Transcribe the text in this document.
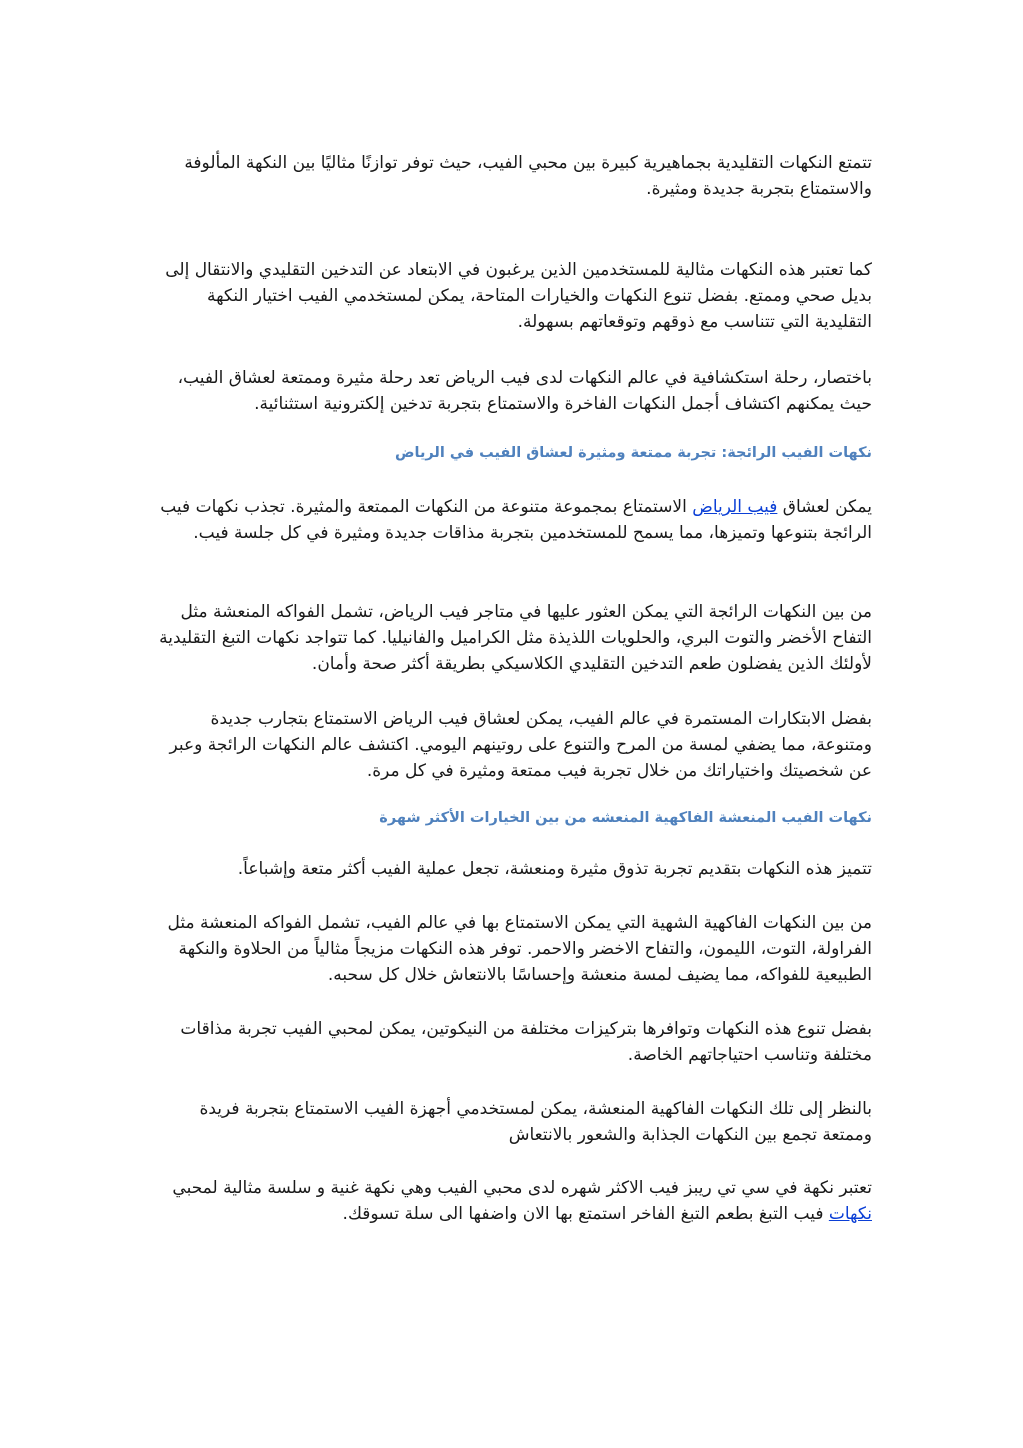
تتمتع النكهات التقليدية بجماهيرية كبيرة بين محبي الفيب، حيث توفر توازنًا مثاليًا بين النكهة المألوفة والاستمتاع بتجربة جديدة ومثيرة.

كما تعتبر هذه النكهات مثالية للمستخدمين الذين يرغبون في الابتعاد عن التدخين التقليدي والانتقال إلى بديل صحي وممتع. بفضل تنوع النكهات والخيارات المتاحة، يمكن لمستخدمي الفيب اختيار النكهة التقليدية التي تتناسب مع ذوقهم وتوقعاتهم بسهولة.

باختصار، رحلة استكشافية في عالم النكهات لدى فيب الرياض تعد رحلة مثيرة وممتعة لعشاق الفيب، حيث يمكنهم اكتشاف أجمل النكهات الفاخرة والاستمتاع بتجربة تدخين إلكترونية استثنائية.

نكهات الفيب الرائجة: تجربة ممتعة ومثيرة لعشاق الفيب في الرياض

يمكن لعشاق فيب الرياض الاستمتاع بمجموعة متنوعة من النكهات الممتعة والمثيرة. تجذب نكهات فيب الرائجة بتنوعها وتميزها، مما يسمح للمستخدمين بتجربة مذاقات جديدة ومثيرة في كل جلسة فيب.

من بين النكهات الرائجة التي يمكن العثور عليها في متاجر فيب الرياض، تشمل الفواكه المنعشة مثل التفاح الأخضر والتوت البري، والحلويات اللذيذة مثل الكراميل والفانيليا. كما تتواجد نكهات التبغ التقليدية لأولئك الذين يفضلون طعم التدخين التقليدي الكلاسيكي بطريقة أكثر صحة وأمان.

بفضل الابتكارات المستمرة في عالم الفيب، يمكن لعشاق فيب الرياض الاستمتاع بتجارب جديدة ومتنوعة، مما يضفي لمسة من المرح والتنوع على روتينهم اليومي. اكتشف عالم النكهات الرائجة وعبر عن شخصيتك واختياراتك من خلال تجربة فيب ممتعة ومثيرة في كل مرة.

نكهات الفيب المنعشة الفاكهية المنعشه من بين الخيارات الأكثر شهرة

تتميز هذه النكهات بتقديم تجربة تذوق مثيرة ومنعشة، تجعل عملية الفيب أكثر متعة وإشباعاً.

من بين النكهات الفاكهية الشهية التي يمكن الاستمتاع بها في عالم الفيب، تشمل الفواكه المنعشة مثل الفراولة، التوت، الليمون، والتفاح الاخضر والاحمر. توفر هذه النكهات مزيجاً مثالياً من الحلاوة والنكهة الطبيعية للفواكه، مما يضيف لمسة منعشة وإحساسًا بالانتعاش خلال كل سحبه.

بفضل تنوع هذه النكهات وتوافرها بتركيزات مختلفة من النيكوتين، يمكن لمحبي الفيب تجربة مذاقات مختلفة وتناسب احتياجاتهم الخاصة.

بالنظر إلى تلك النكهات الفاكهية المنعشة، يمكن لمستخدمي أجهزة الفيب الاستمتاع بتجربة فريدة وممتعة تجمع بين النكهات الجذابة والشعور بالانتعاش

تعتبر نكهة في سي تي ريبز فيب الاكثر شهره لدى محبي الفيب وهي نكهة غنية و سلسة مثالية لمحبي نكهات فيب التبغ بطعم التبغ الفاخر استمتع بها الان واضفها الى سلة تسوقك.
